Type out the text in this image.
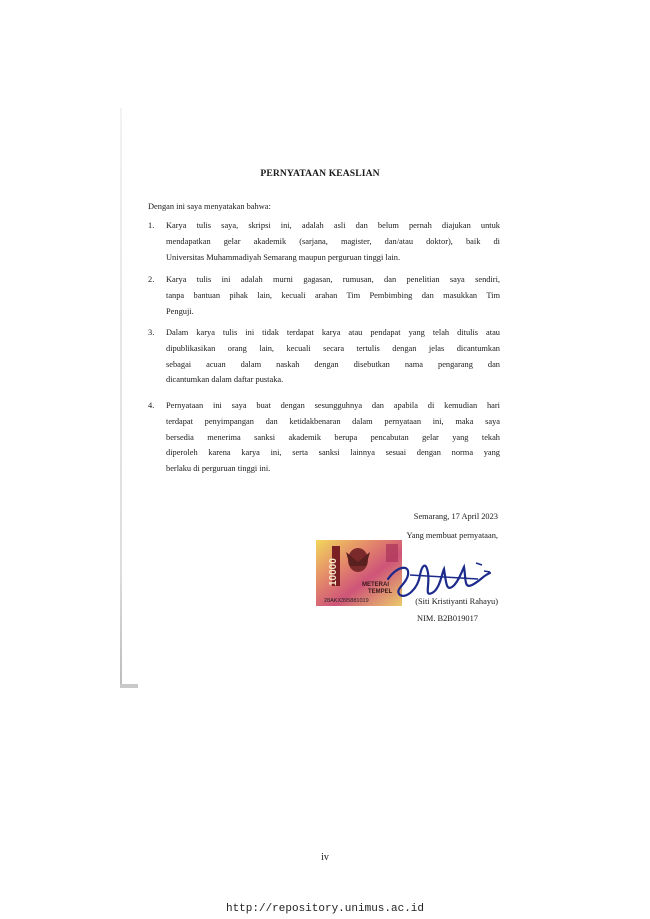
PERNYATAAN KEASLIAN
Dengan ini saya menyatakan bahwa:
1. Karya tulis saya, skripsi ini, adalah asli dan belum pernah diajukan untuk
mendapatkan gelar akademik (sarjana, magister, dan/atau doktor), baik di
Universitas Muhammadiyah Semarang maupun perguruan tinggi lain.
2. Karya tulis ini adalah murni gagasan, rumusan, dan penelitian saya sendiri,
tanpa bantuan pihak lain, kecuali arahan Tim Pembimbing dan masukkan Tim
Penguji.
3. Dalam karya tulis ini tidak terdapat karya atau pendapat yang telah ditulis atau
dipublikasikan orang lain, kecuali secara tertulis dengan jelas dicantumkan
sebagai acuan dalam naskah dengan disebutkan nama pengarang dan
dicantumkan dalam daftar pustaka.
4. Pernyataan ini saya buat dengan sesungguhnya dan apabila di kemudian hari
terdapat penyimpangan dan ketidakbenaran dalam pernyataan ini, maka saya
bersedia menerima sanksi akademik berupa pencabutan gelar yang tekah
diperoleh karena karya ini, serta sanksi lainnya sesuai dengan norma yang
berlaku di perguruan tinggi ini.
Semarang, 17 April 2023
Yang membuat pernyataan,
10000	METERAI
TEMPEL
28AKX395881019	(Siti Kristiyanti Rahayu)
NIM. B2B019017
iv
http://repository.unimus.ac.id
